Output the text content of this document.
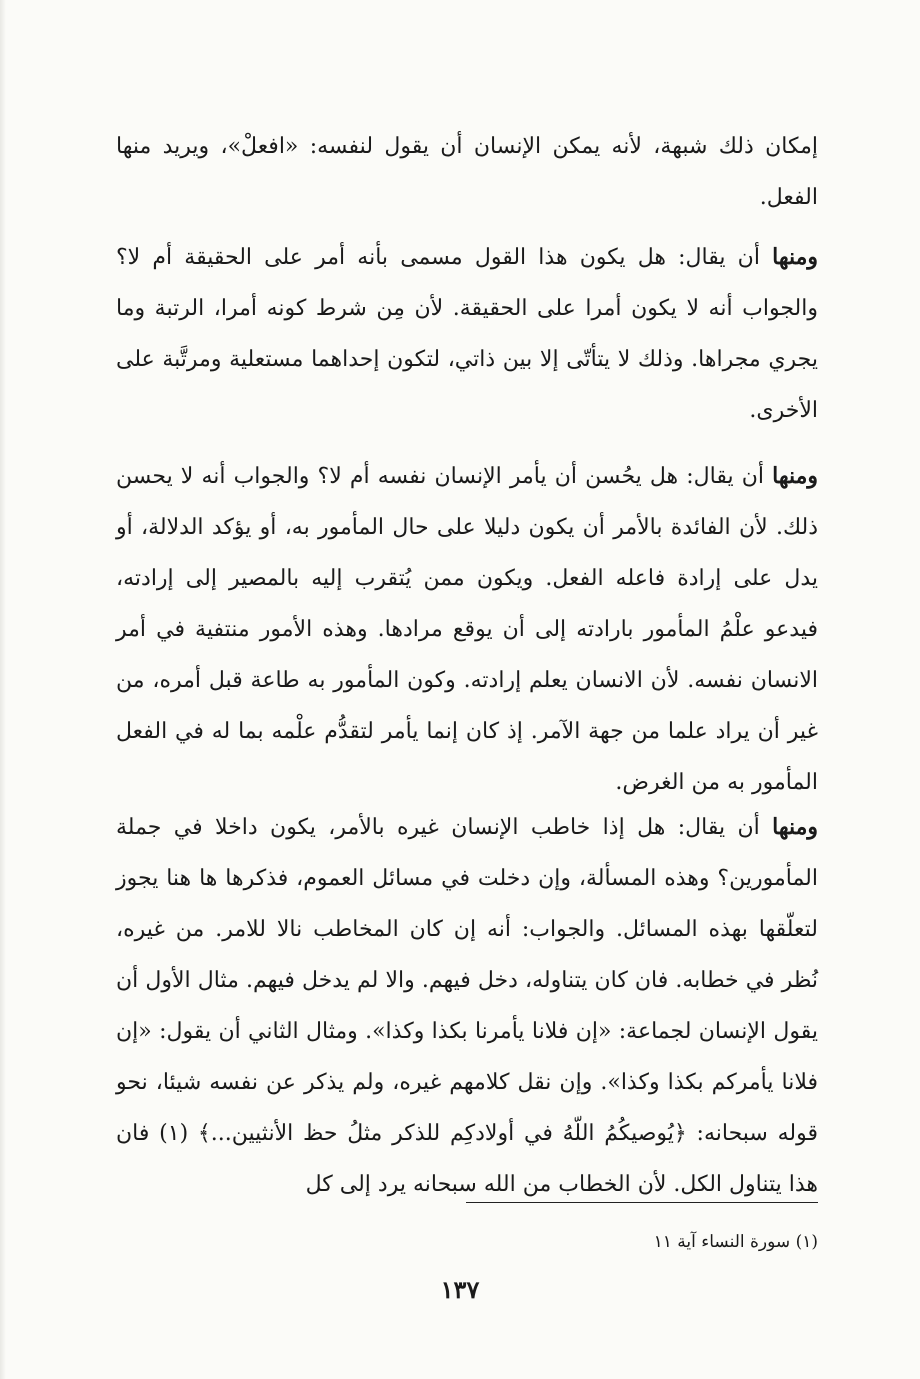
إمكان ذلك شبهة، لأنه يمكن الإنسان أن يقول لنفسه: «افعلْ»، ويريد منها الفعل.

ومنها أن يقال: هل يكون هذا القول مسمى بأنه أمر على الحقيقة أم لا؟ والجواب أنه لا يكون أمرا على الحقيقة. لأن مِن شرط كونه أمرا، الرتبة وما يجري مجراها. وذلك لا يتأتّى إلا بين ذاتي، لتكون إحداهما مستعلية ومرتَّبة على الأخرى.

ومنها أن يقال: هل يحُسن أن يأمر الإنسان نفسه أم لا؟ والجواب أنه لا يحسن ذلك. لأن الفائدة بالأمر أن يكون دليلا على حال المأمور به، أو يؤكد الدلالة، أو يدل على إرادة فاعله الفعل. ويكون ممن يُتقرب إليه بالمصير إلى إرادته، فيدعو علْمُ المأمور بارادته إلى أن يوقع مرادها. وهذه الأمور منتفية في أمر الانسان نفسه. لأن الانسان يعلم إرادته. وكون المأمور به طاعة قبل أمره، من غير أن يراد علما من جهة الآمر. إذ كان إنما يأمر لتقدُّم علْمه بما له في الفعل المأمور به من الغرض.

ومنها أن يقال: هل إذا خاطب الإنسان غيره بالأمر، يكون داخلا في جملة المأمورين؟ وهذه المسألة، وإن دخلت في مسائل العموم، فذكرها ها هنا يجوز لتعلّقها بهذه المسائل. والجواب: أنه إن كان المخاطب نالا للامر. من غيره، نُظر في خطابه. فان كان يتناوله، دخل فيهم. والا لم يدخل فيهم. مثال الأول أن يقول الإنسان لجماعة: «إن فلانا يأمرنا بكذا وكذا». ومثال الثاني أن يقول: «إن فلانا يأمركم بكذا وكذا». وإن نقل كلامهم غيره، ولم يذكر عن نفسه شيئا، نحو قوله سبحانه: ﴿يُوصيكُمُ اللّهُ في أولادكِم للذكر مثلُ حظ الأنثيين...﴾ (١) فان هذا يتناول الكل. لأن الخطاب من الله سبحانه يرد إلى كل

(١) سورة النساء آية ١١
١٣٧
